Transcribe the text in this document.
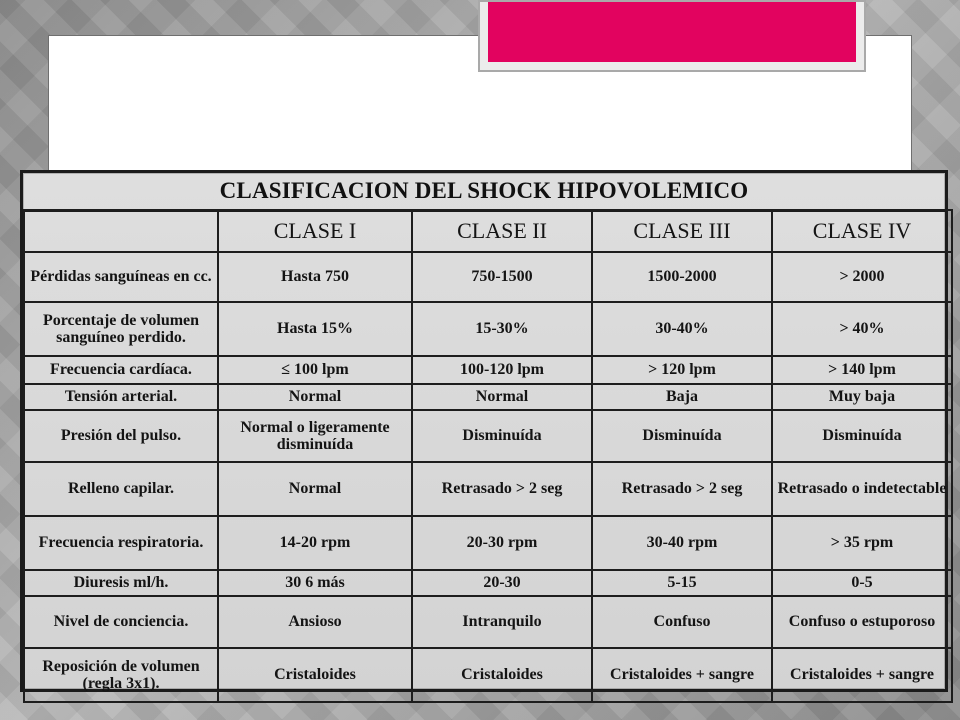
CLASIFICACION DEL SHOCK HIPOVOLEMICO
	CLASE I	CLASE II	CLASE III	CLASE IV
Pérdidas sanguíneas en cc.	Hasta 750	750-1500	1500-2000	> 2000
Porcentaje de volumen sanguíneo perdido.	Hasta 15%	15-30%	30-40%	> 40%
Frecuencia cardíaca.	≤ 100 lpm	100-120 lpm	> 120 lpm	> 140 lpm
Tensión arterial.	Normal	Normal	Baja	Muy baja
Presión del pulso.	Normal o ligeramente disminuída	Disminuída	Disminuída	Disminuída
Relleno capilar.	Normal	Retrasado > 2 seg	Retrasado > 2 seg	Retrasado o indetectable
Frecuencia respiratoria.	14-20 rpm	20-30 rpm	30-40 rpm	> 35 rpm
Diuresis ml/h.	30 6 más	20-30	5-15	0-5
Nivel de conciencia.	Ansioso	Intranquilo	Confuso	Confuso o estuporoso
Reposición de volumen (regla 3x1).	Cristaloides	Cristaloides	Cristaloides + sangre	Cristaloides + sangre
